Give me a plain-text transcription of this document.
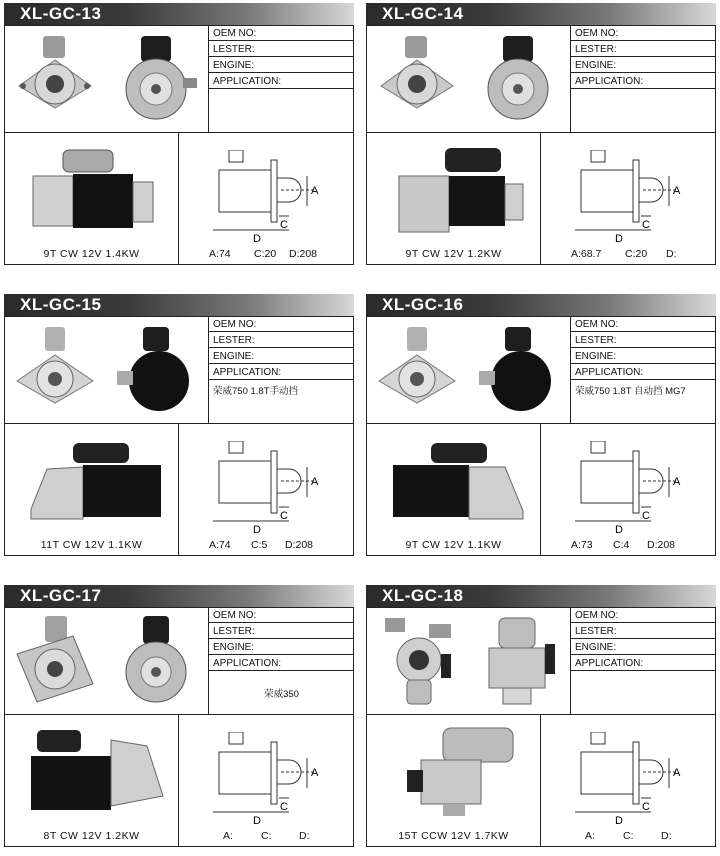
XL-GC-13
OEM NO:
LESTER:
ENGINE:
APPLICATION:
9T CW 12V 1.4KW
A
C
D
A:74 C:20 D:208
XL-GC-14
OEM NO:
LESTER:
ENGINE:
APPLICATION:
9T CW 12V 1.2KW
A
C
D
A:68.7 C:20 D:
XL-GC-15
OEM NO:
LESTER:
ENGINE:
APPLICATION:
荣威750 1.8T手动挡
11T CW 12V 1.1KW
A
C
D
A:74 C:5 D:208
XL-GC-16
OEM NO:
LESTER:
ENGINE:
APPLICATION:
荣威750 1.8T 自动挡 MG7
9T CW 12V 1.1KW
A
C
D
A:73 C:4 D:208
XL-GC-17
OEM NO:
LESTER:
ENGINE:
APPLICATION:
荣威350
8T CW 12V 1.2KW
A
C
D
A:	C:	D:
XL-GC-18
OEM NO:
LESTER:
ENGINE:
APPLICATION:
15T CCW 12V 1.7KW
A
C
D
A:	C:	D:
